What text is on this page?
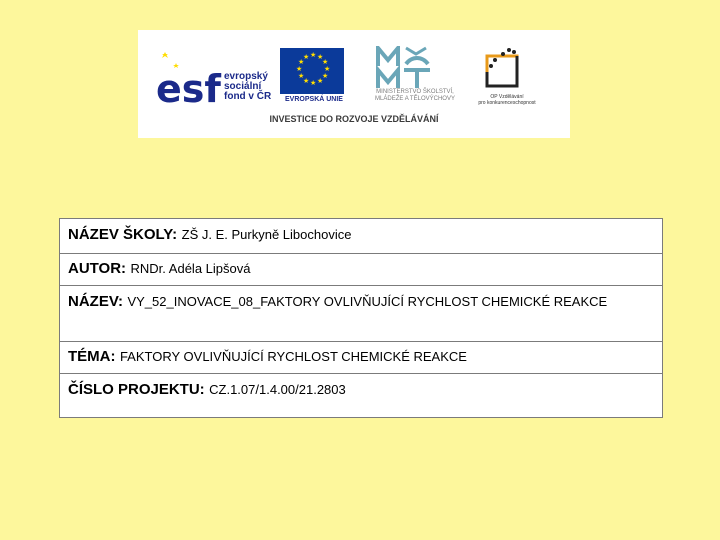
esf evropský
sociální
fond v ČR
★ ★
★
★
★
★
★
★
★
★
★
★
EVROPSKÁ UNIE
MINISTERSTVO ŠKOLSTVÍ,
MLÁDEŽE A TĚLOVÝCHOVY	OP Vzdělávání
pro konkurenceschopnost
INVESTICE DO ROZVOJE VZDĚLÁVÁNÍ
NÁZEV ŠKOLY: ZŠ J. E. Purkyně Libochovice
AUTOR: RNDr. Adéla Lipšová
NÁZEV: VY_52_INOVACE_08_FAKTORY OVLIVŇUJÍCÍ RYCHLOST CHEMICKÉ REAKCE
TÉMA: FAKTORY OVLIVŇUJÍCÍ RYCHLOST CHEMICKÉ REAKCE
ČÍSLO PROJEKTU: CZ.1.07/1.4.00/21.2803
